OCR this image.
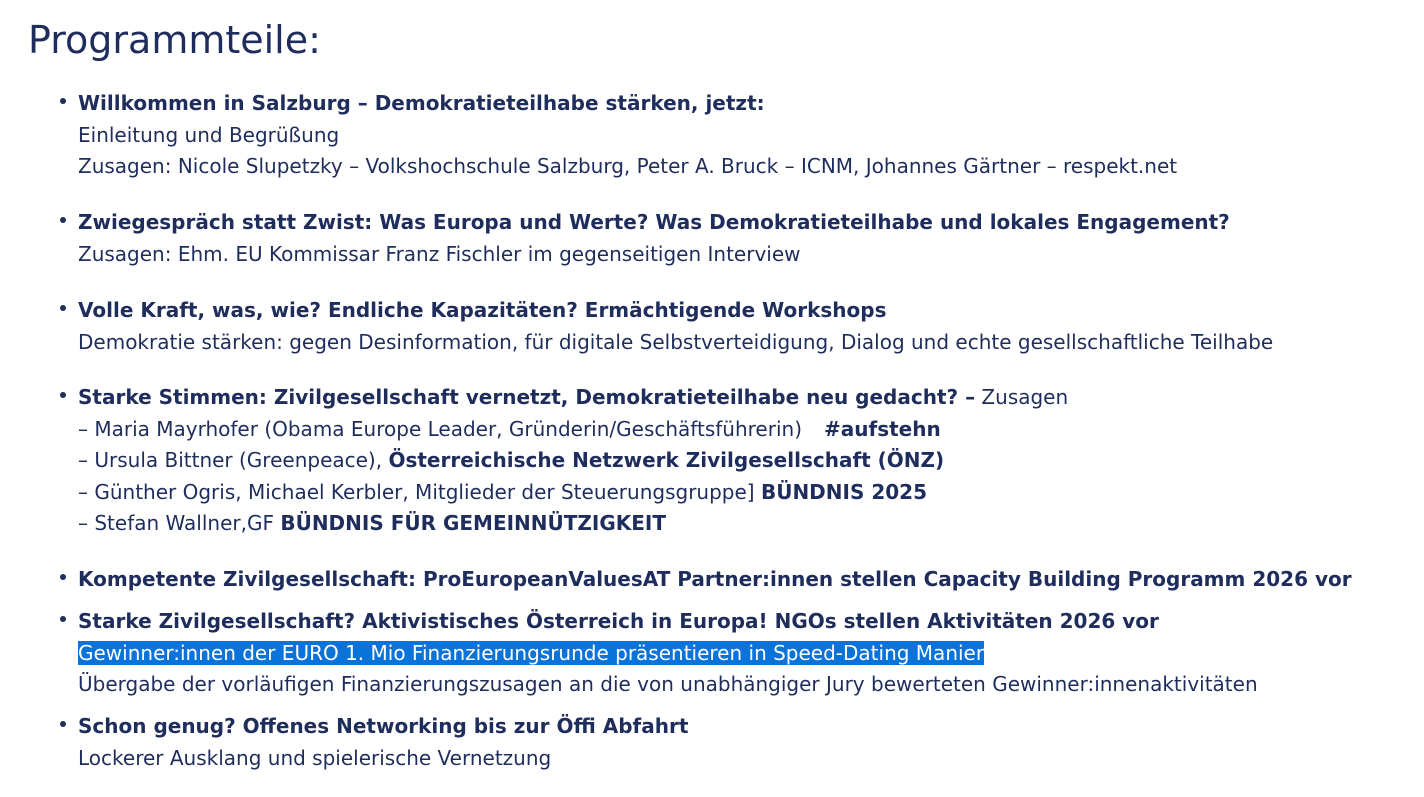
Programmteile:
Willkommen in Salzburg – Demokratieteilhabe stärken, jetzt:
Einleitung und Begrüßung
Zusagen: Nicole Slupetzky – Volkshochschule Salzburg, Peter A. Bruck – ICNM, Johannes Gärtner – respekt.net
Zwiegespräch statt Zwist: Was Europa und Werte? Was Demokratieteilhabe und lokales Engagement?
Zusagen: Ehm. EU Kommissar Franz Fischler im gegenseitigen Interview
Volle Kraft, was, wie? Endliche Kapazitäten? Ermächtigende Workshops
Demokratie stärken: gegen Desinformation, für digitale Selbstverteidigung, Dialog und echte gesellschaftliche Teilhabe
Starke Stimmen: Zivilgesellschaft vernetzt, Demokratieteilhabe neu gedacht? – Zusagen
– Maria Mayrhofer (Obama Europe Leader, Gründerin/Geschäftsführerin) #aufstehn
– Ursula Bittner (Greenpeace), Österreichische Netzwerk Zivilgesellschaft (ÖNZ)
– Günther Ogris, Michael Kerbler, Mitglieder der Steuerungsgruppe] BÜNDNIS 2025
– Stefan Wallner,GF BÜNDNIS FÜR GEMEINNÜTZIGKEIT
Kompetente Zivilgesellschaft: ProEuropeanValuesAT Partner:innen stellen Capacity Building Programm 2026 vor
Starke Zivilgesellschaft? Aktivistisches Österreich in Europa! NGOs stellen Aktivitäten 2026 vor
Gewinner:innen der EURO 1. Mio Finanzierungsrunde präsentieren in Speed-Dating Manier
Übergabe der vorläufigen Finanzierungszusagen an die von unabhängiger Jury bewerteten Gewinner:innenaktivitäten
Schon genug? Offenes Networking bis zur Öffi Abfahrt
Lockerer Ausklang und spielerische Vernetzung
